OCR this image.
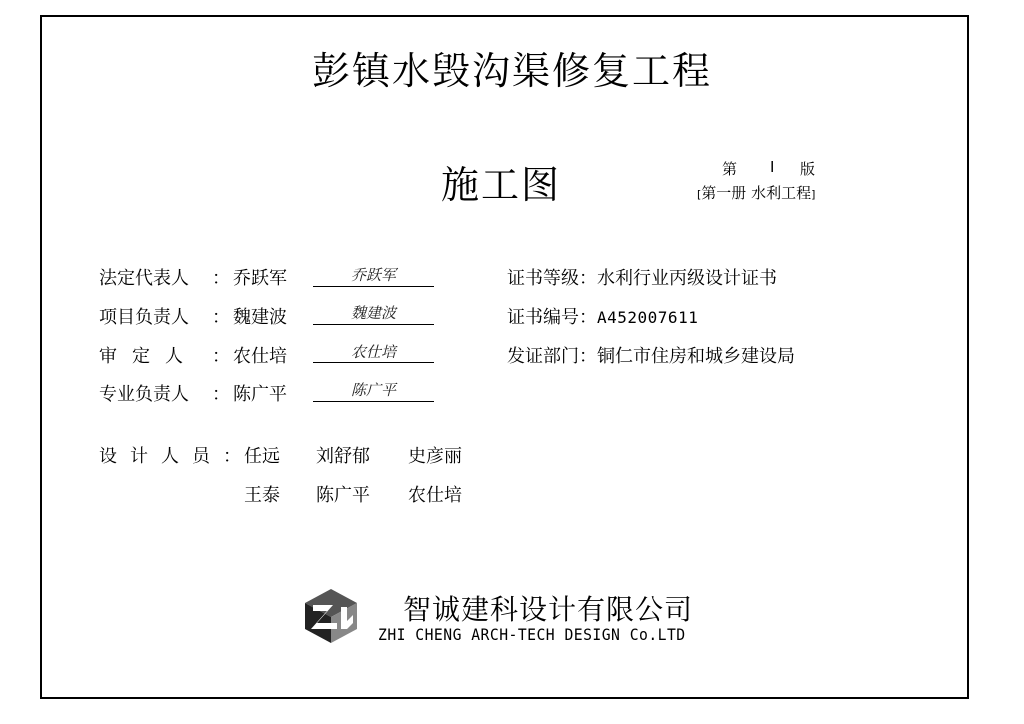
彭镇水毁沟渠修复工程
施工图	第 I 版
[第一册 水利工程]
法定代表人 ： 乔跃军	乔跃军
项目负责人 ： 魏建波	魏建波
审定人 ： 农仕培	农仕培
专业负责人 ： 陈广平	陈广平
证书等级：水利行业丙级设计证书
证书编号：A452007611
发证部门：铜仁市住房和城乡建设局
设计人员：
任远 刘舒郁 史彦丽
王泰 陈广平 农仕培
智诚建科设计有限公司
ZHI CHENG ARCH-TECH DESIGN Co.LTD
